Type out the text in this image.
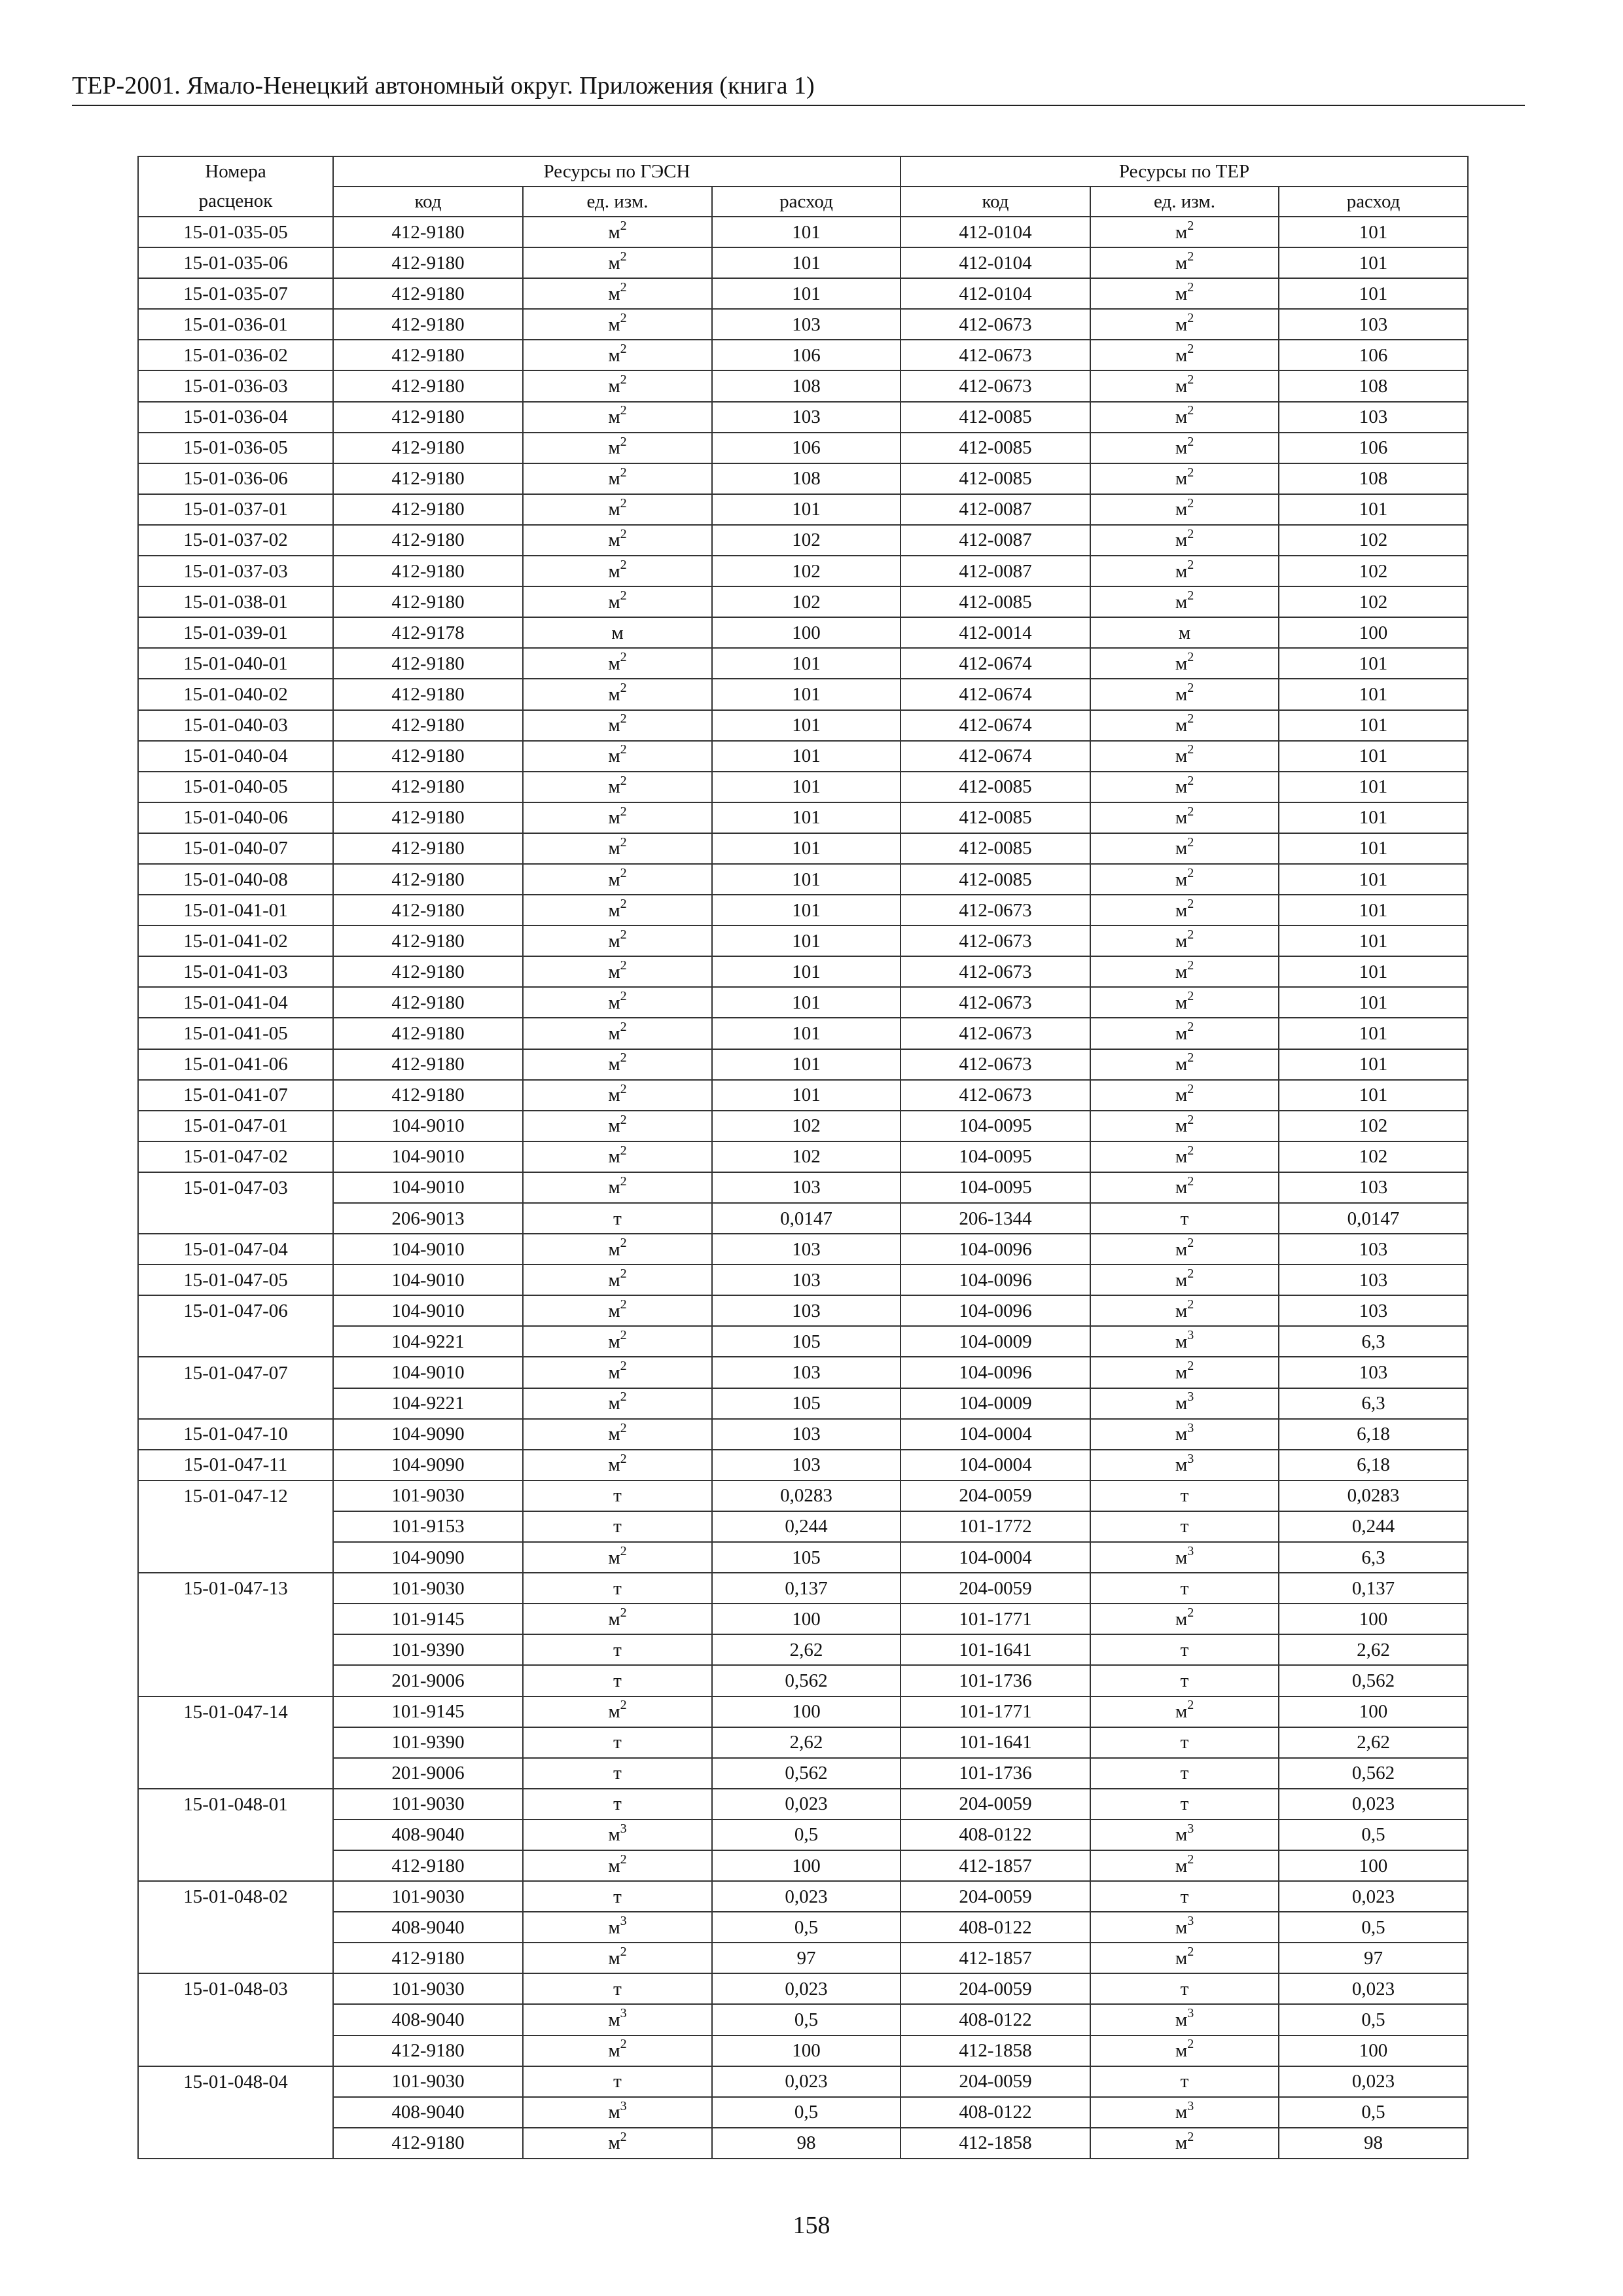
ТЕР-2001. Ямало-Ненецкий автономный округ. Приложения (книга 1)
Номера	Ресурсы по ГЭСН			Ресурсы по ТЕР		
расценок	код	ед. изм.	расход	код	ед. изм.	расход
15-01-035-05	412-9180	$м^2$	101	412-0104	$м^2$	101
15-01-035-06	412-9180	$м^2$	101	412-0104	$м^2$	101
15-01-035-07	412-9180	$м^2$	101	412-0104	$м^2$	101
15-01-036-01	412-9180	$м^2$	103	412-0673	$м^2$	103
15-01-036-02	412-9180	$м^2$	106	412-0673	$м^2$	106
15-01-036-03	412-9180	$м^2$	108	412-0673	$м^2$	108
15-01-036-04	412-9180	$м^2$	103	412-0085	$м^2$	103
15-01-036-05	412-9180	$м^2$	106	412-0085	$м^2$	106
15-01-036-06	412-9180	$м^2$	108	412-0085	$м^2$	108
15-01-037-01	412-9180	$м^2$	101	412-0087	$м^2$	101
15-01-037-02	412-9180	$м^2$	102	412-0087	$м^2$	102
15-01-037-03	412-9180	$м^2$	102	412-0087	$м^2$	102
15-01-038-01	412-9180	$м^2$	102	412-0085	$м^2$	102
15-01-039-01	412-9178	м	100	412-0014	м	100
15-01-040-01	412-9180	$м^2$	101	412-0674	$м^2$	101
15-01-040-02	412-9180	$м^2$	101	412-0674	$м^2$	101
15-01-040-03	412-9180	$м^2$	101	412-0674	$м^2$	101
15-01-040-04	412-9180	$м^2$	101	412-0674	$м^2$	101
15-01-040-05	412-9180	$м^2$	101	412-0085	$м^2$	101
15-01-040-06	412-9180	$м^2$	101	412-0085	$м^2$	101
15-01-040-07	412-9180	$м^2$	101	412-0085	$м^2$	101
15-01-040-08	412-9180	$м^2$	101	412-0085	$м^2$	101
15-01-041-01	412-9180	$м^2$	101	412-0673	$м^2$	101
15-01-041-02	412-9180	$м^2$	101	412-0673	$м^2$	101
15-01-041-03	412-9180	$м^2$	101	412-0673	$м^2$	101
15-01-041-04	412-9180	$м^2$	101	412-0673	$м^2$	101
15-01-041-05	412-9180	$м^2$	101	412-0673	$м^2$	101
15-01-041-06	412-9180	$м^2$	101	412-0673	$м^2$	101
15-01-041-07	412-9180	$м^2$	101	412-0673	$м^2$	101
15-01-047-01	104-9010	$м^2$	102	104-0095	$м^2$	102
15-01-047-02	104-9010	$м^2$	102	104-0095	$м^2$	102
15-01-047-03	104-9010	$м^2$	103	104-0095	$м^2$	103
	206-9013	т	0,0147	206-1344	т	0,0147
15-01-047-04	104-9010	$м^2$	103	104-0096	$м^2$	103
15-01-047-05	104-9010	$м^2$	103	104-0096	$м^2$	103
15-01-047-06	104-9010	$м^2$	103	104-0096	$м^2$	103
	104-9221	$м^2$	105	104-0009	$м^3$	6,3
15-01-047-07	104-9010	$м^2$	103	104-0096	$м^2$	103
	104-9221	$м^2$	105	104-0009	$м^3$	6,3
15-01-047-10	104-9090	$м^2$	103	104-0004	$м^3$	6,18
15-01-047-11	104-9090	$м^2$	103	104-0004	$м^3$	6,18
15-01-047-12	101-9030	т	0,0283	204-0059	т	0,0283
	101-9153	т	0,244	101-1772	т	0,244
	104-9090	$м^2$	105	104-0004	$м^3$	6,3
15-01-047-13	101-9030	т	0,137	204-0059	т	0,137
	101-9145	$м^2$	100	101-1771	$м^2$	100
	101-9390	т	2,62	101-1641	т	2,62
	201-9006	т	0,562	101-1736	т	0,562
15-01-047-14	101-9145	$м^2$	100	101-1771	$м^2$	100
	101-9390	т	2,62	101-1641	т	2,62
	201-9006	т	0,562	101-1736	т	0,562
15-01-048-01	101-9030	т	0,023	204-0059	т	0,023
	408-9040	$м^3$	0,5	408-0122	$м^3$	0,5
	412-9180	$м^2$	100	412-1857	$м^2$	100
15-01-048-02	101-9030	т	0,023	204-0059	т	0,023
	408-9040	$м^3$	0,5	408-0122	$м^3$	0,5
	412-9180	$м^2$	97	412-1857	$м^2$	97
15-01-048-03	101-9030	т	0,023	204-0059	т	0,023
	408-9040	$м^3$	0,5	408-0122	$м^3$	0,5
	412-9180	$м^2$	100	412-1858	$м^2$	100
15-01-048-04	101-9030	т	0,023	204-0059	т	0,023
	408-9040	$м^3$	0,5	408-0122	$м^3$	0,5
	412-9180	$м^2$	98	412-1858	$м^2$	98
158
